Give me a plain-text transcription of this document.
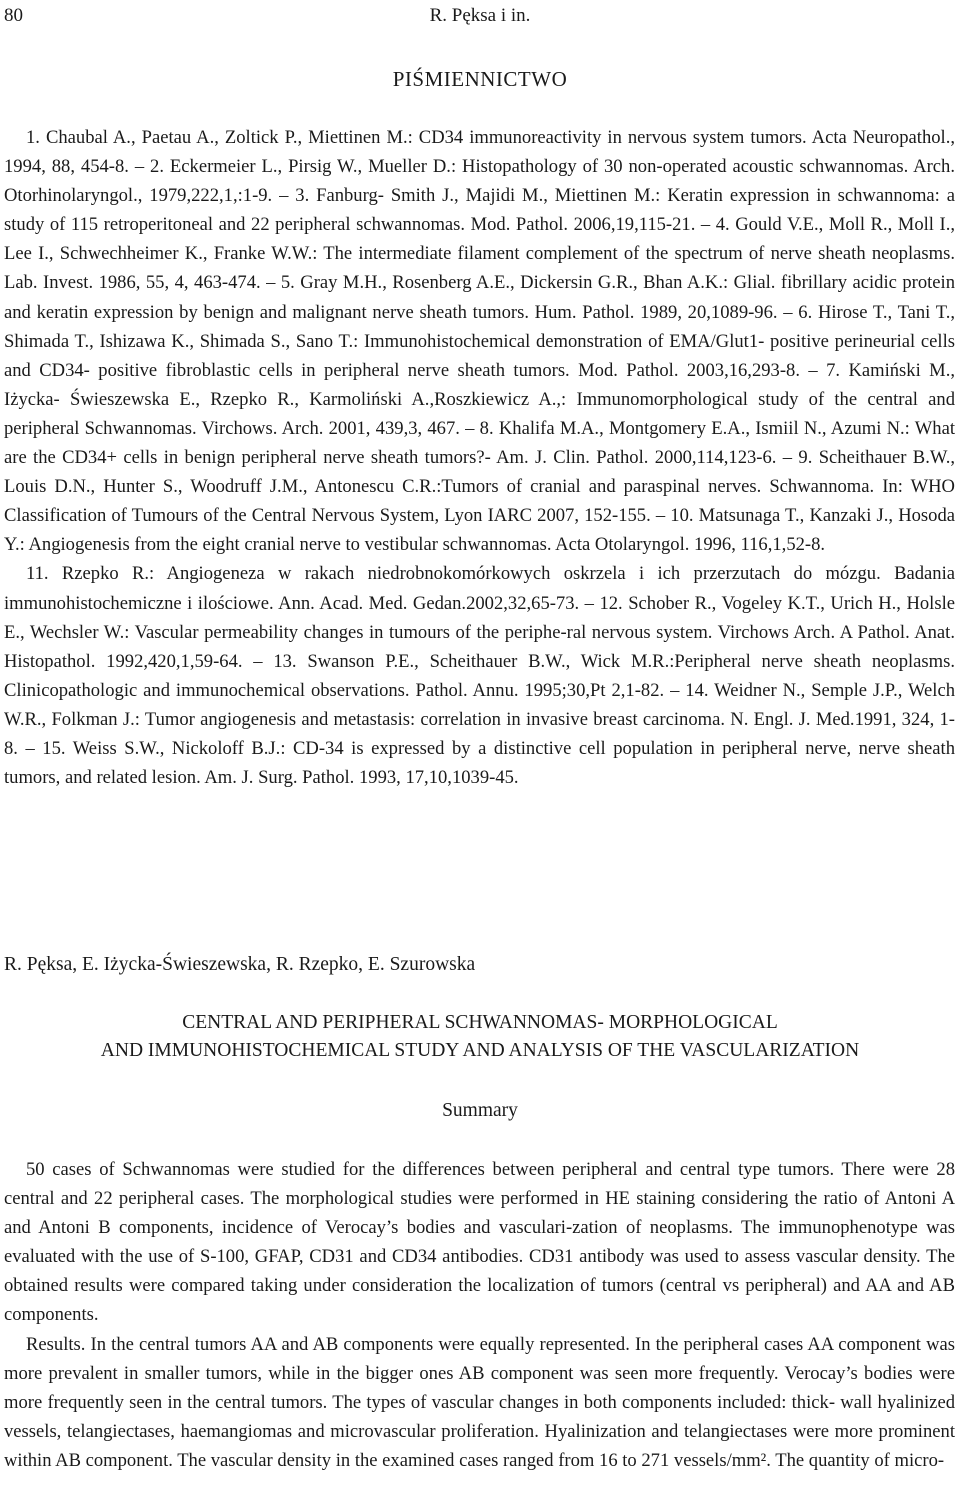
80	R. Pęksa i in.
PIŚMIENNICTWO

1. Chaubal A., Paetau A., Zoltick P., Miettinen M.: CD34 immunoreactivity in nervous system tumors. Acta Neuropathol., 1994, 88, 454-8. – 2. Eckermeier L., Pirsig W., Mueller D.: Histopathology of 30 non-operated acoustic schwannomas. Arch. Otorhinolaryngol., 1979,222,1,:1-9. – 3. Fanburg- Smith J., Majidi M., Miettinen M.: Keratin expression in schwannoma: a study of 115 retroperitoneal and 22 peripheral schwannomas. Mod. Pathol. 2006,19,115-21. – 4. Gould V.E., Moll R., Moll I., Lee I., Schwechheimer K., Franke W.W.: The intermediate filament complement of the spectrum of nerve sheath neoplasms. Lab. Invest. 1986, 55, 4, 463-474. – 5. Gray M.H., Rosenberg A.E., Dickersin G.R., Bhan A.K.: Glial. fibrillary acidic protein and keratin expression by benign and malignant nerve sheath tumors. Hum. Pathol. 1989, 20,1089-96. – 6. Hirose T., Tani T., Shimada T., Ishizawa K., Shimada S., Sano T.: Immunohistochemical demonstration of EMA/Glut1- positive perineurial cells and CD34- positive fibroblastic cells in peripheral nerve sheath tumors. Mod. Pathol. 2003,16,293-8. – 7. Kamiński M., Iżycka- Świeszewska E., Rzepko R., Karmoliński A.,Roszkiewicz A.,: Immunomorphological study of the central and peripheral Schwannomas. Virchows. Arch. 2001, 439,3, 467. – 8. Khalifa M.A., Montgomery E.A., Ismiil N., Azumi N.: What are the CD34+ cells in benign peripheral nerve sheath tumors?- Am. J. Clin. Pathol. 2000,114,123-6. – 9. Scheithauer B.W., Louis D.N., Hunter S., Woodruff J.M., Antonescu C.R.:Tumors of cranial and paraspinal nerves. Schwannoma. In: WHO Classification of Tumours of the Central Nervous System, Lyon IARC 2007, 152-155. – 10. Matsunaga T., Kanzaki J., Hosoda Y.: Angiogenesis from the eight cranial nerve to vestibular schwannomas. Acta Otolaryngol. 1996, 116,1,52-8.

11. Rzepko R.: Angiogeneza w rakach niedrobnokomórkowych oskrzela i ich przerzutach do mózgu. Badania immunohistochemiczne i ilościowe. Ann. Acad. Med. Gedan.2002,32,65-73. – 12. Schober R., Vogeley K.T., Urich H., Holsle E., Wechsler W.: Vascular permeability changes in tumours of the periphe-ral nervous system. Virchows Arch. A Pathol. Anat. Histopathol. 1992,420,1,59-64. – 13. Swanson P.E., Scheithauer B.W., Wick M.R.:Peripheral nerve sheath neoplasms. Clinicopathologic and immunochemical observations. Pathol. Annu. 1995;30,Pt 2,1-82. – 14. Weidner N., Semple J.P., Welch W.R., Folkman J.: Tumor angiogenesis and metastasis: correlation in invasive breast carcinoma. N. Engl. J. Med.1991, 324, 1-8. – 15. Weiss S.W., Nickoloff B.J.: CD-34 is expressed by a distinctive cell population in peripheral nerve, nerve sheath tumors, and related lesion. Am. J. Surg. Pathol. 1993, 17,10,1039-45.

R. Pęksa, E. Iżycka-Świeszewska, R. Rzepko, E. Szurowska
CENTRAL AND PERIPHERAL SCHWANNOMAS- MORPHOLOGICAL
AND IMMUNOHISTOCHEMICAL STUDY AND ANALYSIS OF THE VASCULARIZATION
Summary

50 cases of Schwannomas were studied for the differences between peripheral and central type tumors. There were 28 central and 22 peripheral cases. The morphological studies were performed in HE staining considering the ratio of Antoni A and Antoni B components, incidence of Verocay’s bodies and vasculari-zation of neoplasms. The immunophenotype was evaluated with the use of S-100, GFAP, CD31 and CD34 antibodies. CD31 antibody was used to assess vascular density. The obtained results were compared taking under consideration the localization of tumors (central vs peripheral) and AA and AB components.

Results. In the central tumors AA and AB components were equally represented. In the peripheral cases AA component was more prevalent in smaller tumors, while in the bigger ones AB component was seen more frequently. Verocay’s bodies were more frequently seen in the central tumors. The types of vascular changes in both components included: thick- wall hyalinized vessels, telangiectases, haemangiomas and microvascular proliferation. Hyalinization and telangiectases were more prominent within AB component. The vascular density in the examined cases ranged from 16 to 271 vessels/mm². The quantity of micro-
